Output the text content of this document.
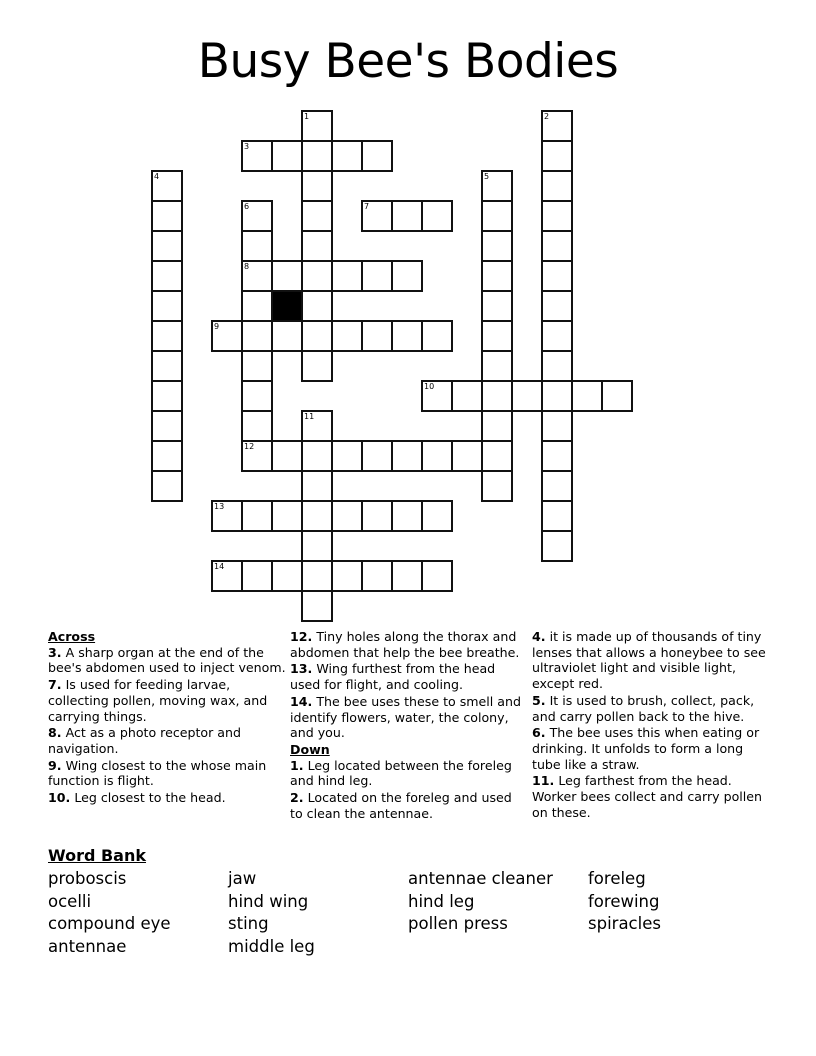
Busy Bee's Bodies
1	2
3
4	5
6
8
12
7
9
10
11
13
14
Across
3. A sharp organ at the end of the bee's abdomen used to inject venom.
7. Is used for feeding larvae, collecting pollen, moving wax, and carrying things.
8. Act as a photo receptor and navigation.
9. Wing closest to the whose main function is flight.
10. Leg closest to the head.
12. Tiny holes along the thorax and abdomen that help the bee breathe.
13. Wing furthest from the head used for flight, and cooling.
14. The bee uses these to smell and identify flowers, water, the colony, and you.
Down
1. Leg located between the foreleg and hind leg.
2. Located on the foreleg and used to clean the antennae.
4. it is made up of thousands of tiny lenses that allows a honeybee to see ultraviolet light and visible light, except red.
5. It is used to brush, collect, pack, and carry pollen back to the hive.
6. The bee uses this when eating or drinking. It unfolds to form a long tube like a straw.
11. Leg farthest from the head. Worker bees collect and carry pollen on these.
Word Bank
proboscis
ocelli
compound eye
antennae
jaw
hind wing
sting
middle leg
antennae cleaner
hind leg
pollen press
foreleg
forewing
spiracles
